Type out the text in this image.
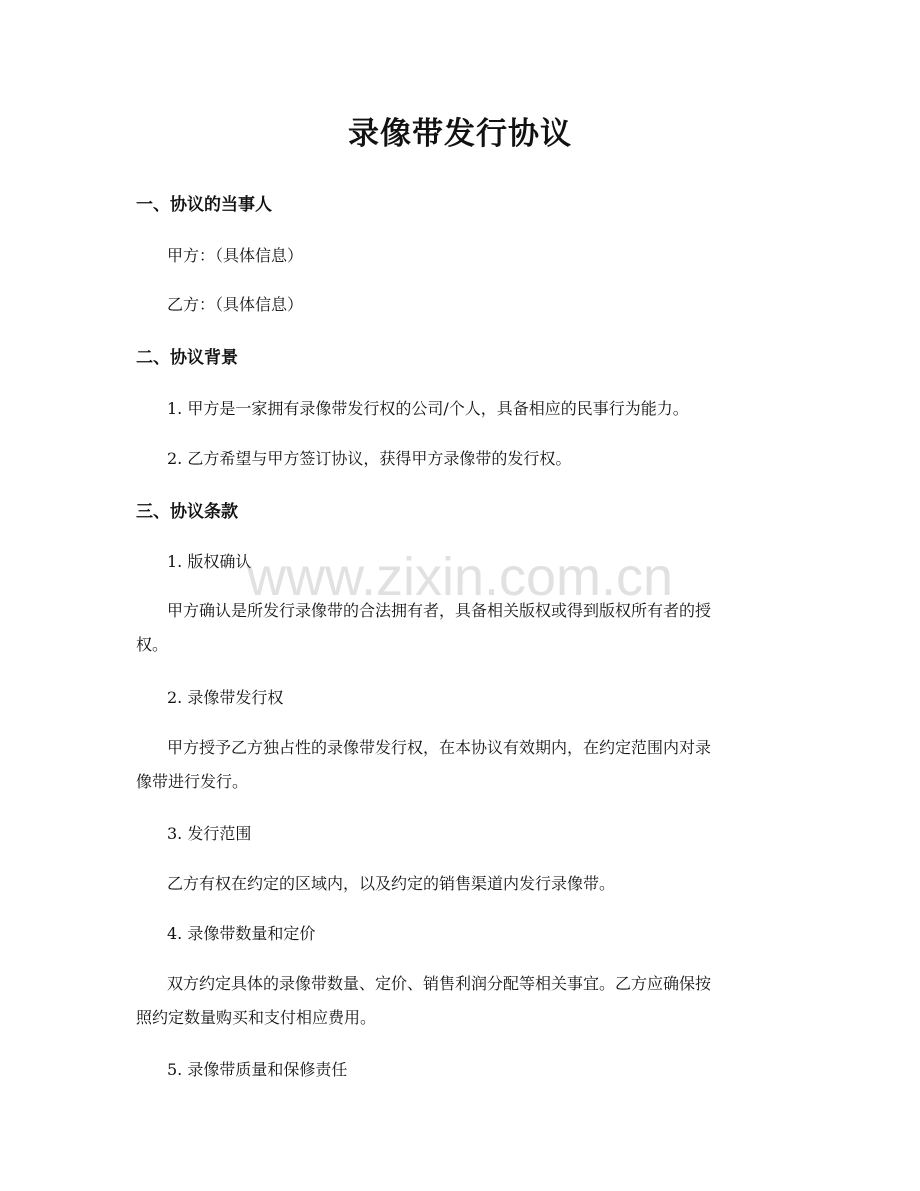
录像带发行协议
一、协议的当事人

甲方：（具体信息）

乙方：（具体信息）

二、协议背景

1. 甲方是一家拥有录像带发行权的公司/个人，具备相应的民事行为能力。

2. 乙方希望与甲方签订协议，获得甲方录像带的发行权。

三、协议条款

1. 版权确认

甲方确认是所发行录像带的合法拥有者，具备相关版权或得到版权所有者的授

权。

2. 录像带发行权

甲方授予乙方独占性的录像带发行权，在本协议有效期内，在约定范围内对录

像带进行发行。

3. 发行范围

乙方有权在约定的区域内，以及约定的销售渠道内发行录像带。

4. 录像带数量和定价

双方约定具体的录像带数量、定价、销售利润分配等相关事宜。乙方应确保按

照约定数量购买和支付相应费用。

5. 录像带质量和保修责任

www.zixin.com.cn
